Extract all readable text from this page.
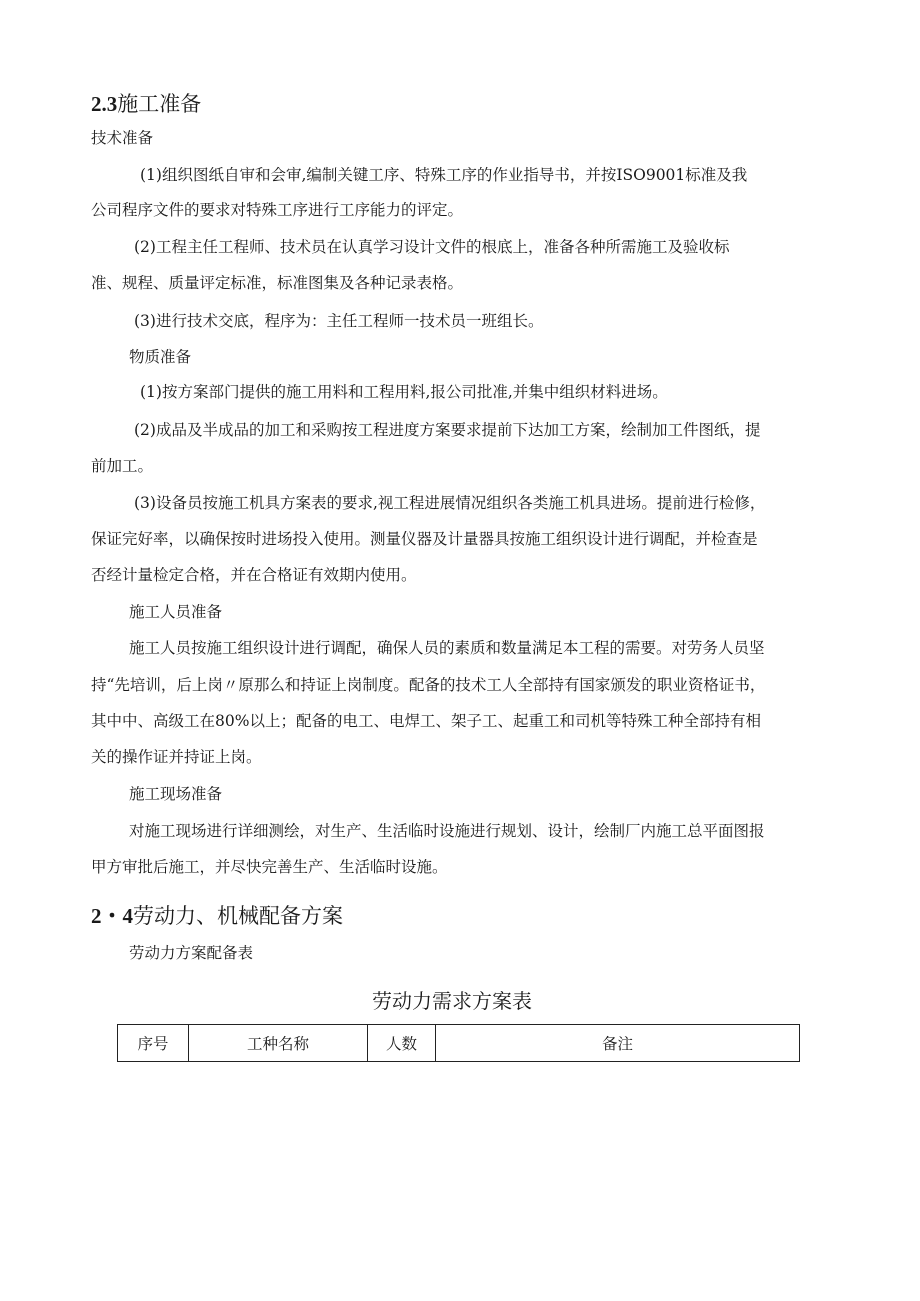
2.3施工准备
技术准备
(1)组织图纸自审和会审,编制关键工序、特殊工序的作业指导书，并按ISO9001标准及我
公司程序文件的要求对特殊工序进行工序能力的评定。
(2)工程主任工程师、技术员在认真学习设计文件的根底上，准备各种所需施工及验收标
准、规程、质量评定标准，标准图集及各种记录表格。
(3)进行技术交底，程序为：主任工程师一技术员一班组长。
物质准备
(1)按方案部门提供的施工用料和工程用料,报公司批准,并集中组织材料进场。
(2)成品及半成品的加工和采购按工程进度方案要求提前下达加工方案，绘制加工件图纸，提
前加工。
(3)设备员按施工机具方案表的要求,视工程进展情况组织各类施工机具进场。提前进行检修，
保证完好率，以确保按时进场投入使用。测量仪器及计量器具按施工组织设计进行调配，并检查是
否经计量检定合格，并在合格证有效期内使用。
施工人员准备
施工人员按施工组织设计进行调配，确保人员的素质和数量满足本工程的需要。对劳务人员坚
持“先培训，后上岗〃原那么和持证上岗制度。配备的技术工人全部持有国家颁发的职业资格证书，
其中中、高级工在80%以上；配备的电工、电焊工、架子工、起重工和司机等特殊工种全部持有相
关的操作证并持证上岗。
施工现场准备
对施工现场进行详细测绘，对生产、生活临时设施进行规划、设计，绘制厂内施工总平面图报
甲方审批后施工，并尽快完善生产、生活临时设施。
2・4劳动力、机械配备方案
劳动力方案配备表
劳动力需求方案表
序号	工种名称	人数	备注
